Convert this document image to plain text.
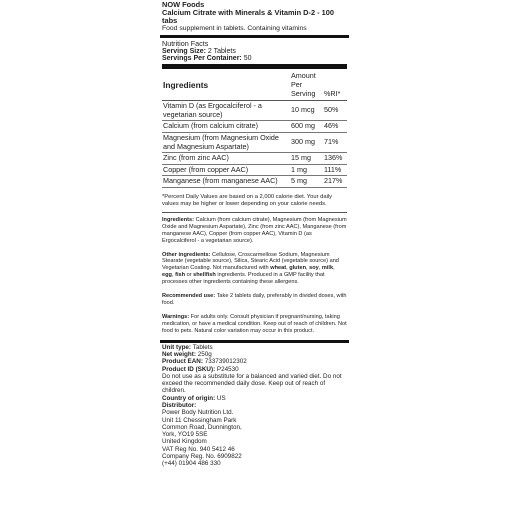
NOW Foods
Calcium Citrate with Minerals & Vitamin D-2 - 100 tabs
Food supplement in tablets. Containing vitamins
Nutrition Facts
Serving Size: 2 Tablets
Servings Per Container: 50
Ingredients	Amount Per Serving	%RI*
Vitamin D (as Ergocalciferol - a vegetarian source)	10 mcg	50%
Calcium (from calcium citrate)	600 mg	46%
Magnesium (from Magnesium Oxide and Magnesium Aspartate)	300 mg	71%
Zinc (from zinc AAC)	15 mg	136%
Copper (from copper AAC)	1 mg	111%
Manganese (from manganese AAC)	5 mg	217%
*Percent Daily Values are based on a 2,000 calorie diet. Your daily values may be higher or lower depending on your calorie needs.
Ingredients: Calcium (from calcium citrate), Magnesium (from Magnesium Oxide and Magnesium Aspartate), Zinc (from zinc AAC), Manganese (from manganese AAC), Copper (from copper AAC), Vitamin D (as Ergocalciferol - a vegetarian source).
Other ingredients: Cellulose, Croscarmellose Sodium, Magnesium Stearate (vegetable source), Silica, Stearic Acid (vegetable source) and Vegetarian Coating. Not manufactured with wheat, gluten, soy, milk, egg, fish or shellfish ingredients. Produced in a GMP facility that processes other ingredients containing these allergens.
Recommended use: Take 2 tablets daily, preferably in divided doses, with food.
Warnings: For adults only. Consult physician if pregnant/nursing, taking medication, or have a medical condition. Keep out of reach of children. Not food to pets. Natural color variation may occur in this product.
Unit type: Tablets
Net weight: 250g
Product EAN: 733739012302
Product ID (SKU): P24530
Do not use as a substitute for a balanced and varied diet. Do not exceed the recommended daily dose. Keep out of reach of children.
Country of origin: US
Distributor:
Power Body Nutrition Ltd.
Unit 11 Chessingham Park
Common Road, Dunnington,
York, YO19 5SE
United Kingdom
VAT Reg No. 940 5412 46
Company Reg. No. 6909822
(+44) 01904 486 330
